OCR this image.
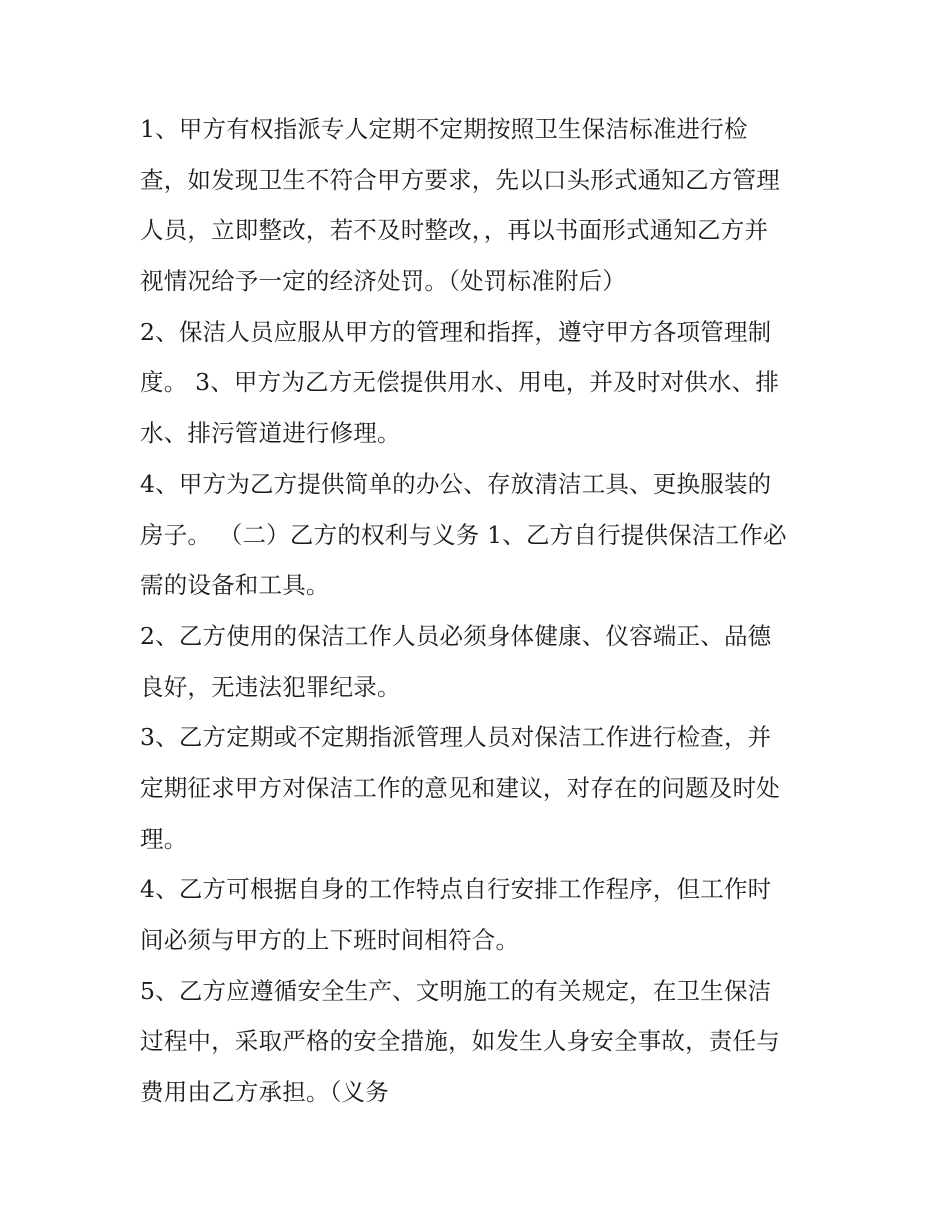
1、甲方有权指派专人定期不定期按照卫生保洁标准进行检
查，如发现卫生不符合甲方要求，先以口头形式通知乙方管理
人员，立即整改，若不及时整改，，再以书面形式通知乙方并
视情况给予一定的经济处罚。（处罚标准附后）
2、保洁人员应服从甲方的管理和指挥，遵守甲方各项管理制
度。 3、甲方为乙方无偿提供用水、用电，并及时对供水、排
水、排污管道进行修理。
4、甲方为乙方提供简单的办公、存放清洁工具、更换服装的
房子。 （二）乙方的权利与义务 1、乙方自行提供保洁工作必
需的设备和工具。
2、乙方使用的保洁工作人员必须身体健康、仪容端正、品德
良好，无违法犯罪纪录。
3、乙方定期或不定期指派管理人员对保洁工作进行检查，并
定期征求甲方对保洁工作的意见和建议，对存在的问题及时处
理。
4、乙方可根据自身的工作特点自行安排工作程序，但工作时
间必须与甲方的上下班时间相符合。
5、乙方应遵循安全生产、文明施工的有关规定，在卫生保洁
过程中，采取严格的安全措施，如发生人身安全事故，责任与
费用由乙方承担。（义务
